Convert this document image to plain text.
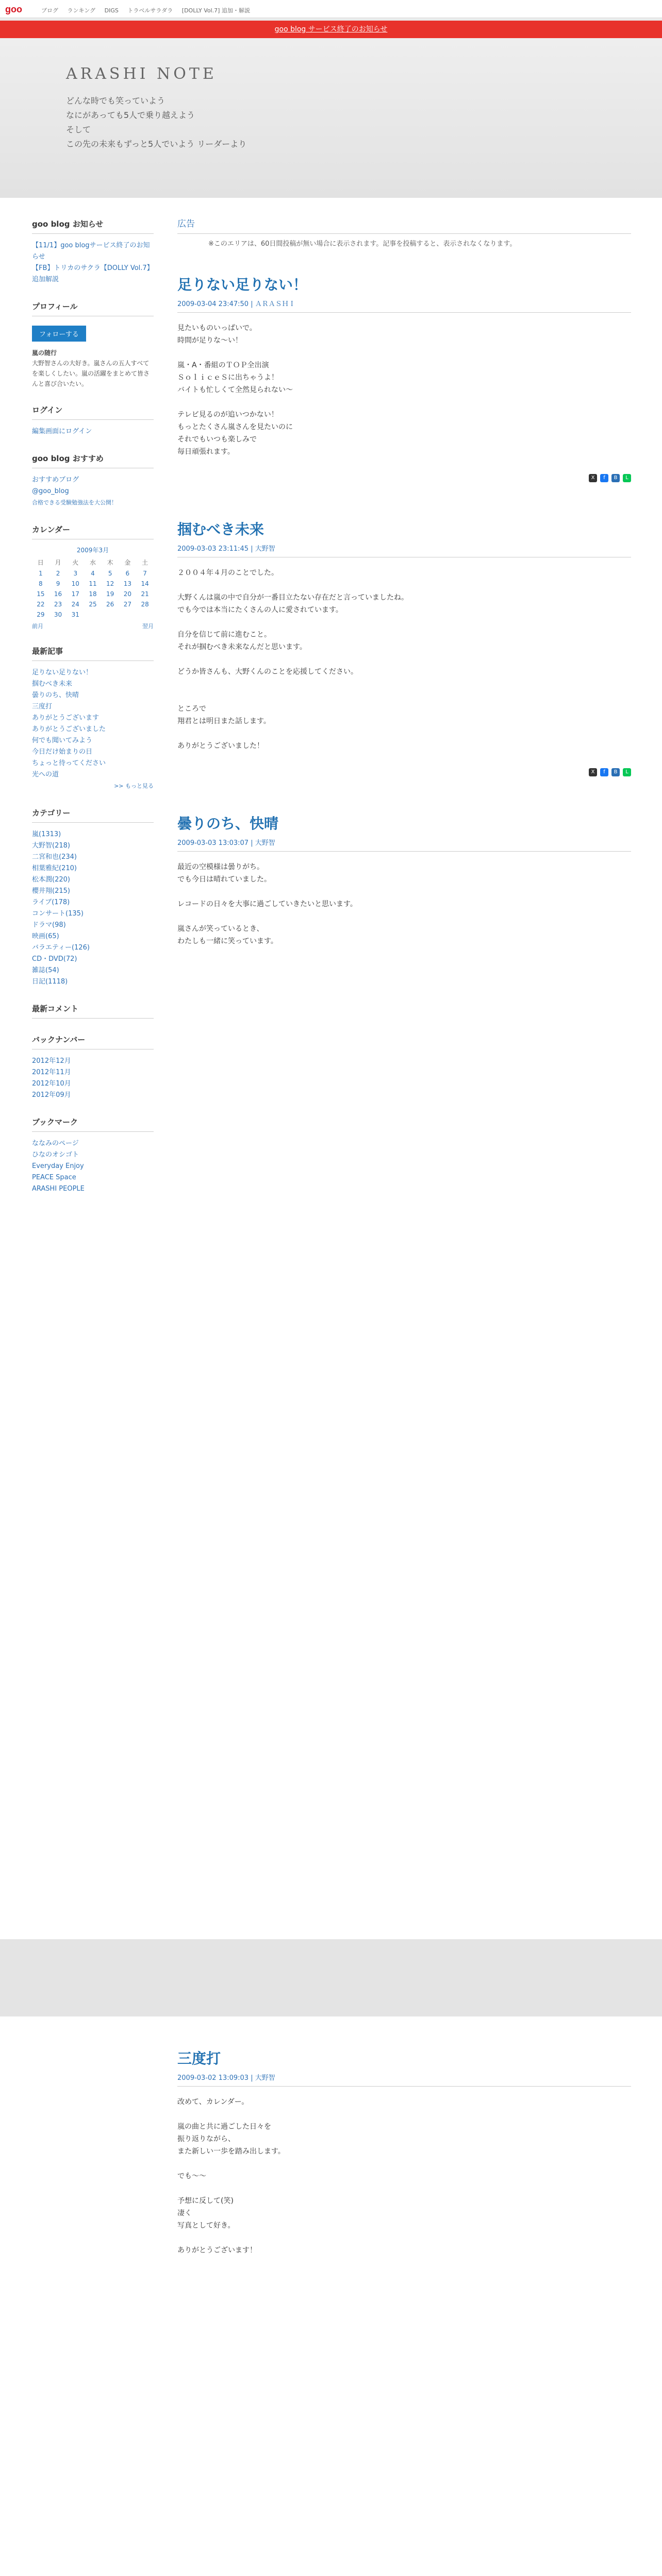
goo	ブログ ランキング DIGS トラベルサラダラ [DOLLY Vol.7] 追加・解説
goo blog サービス終了のお知らせ
ARASHI NOTE
どんな時でも笑っていよう
なにがあっても5人で乗り越えよう
そして
この先の未来もずっと5人でいよう リーダーより
goo blog お知らせ
【11/1】goo blogサービス終了のお知らせ
【FB】トリカのサクラ【DOLLY Vol.7】追加解説
プロフィール
フォローする
嵐の随行
大野智さんの大好き。嵐さんの五人すべてを楽しくしたい。嵐の活躍をまとめて皆さんと喜び合いたい。
ログイン
編集画面にログイン
goo blog おすすめ
おすすめブログ
@goo_blog
合格できる受験勉強法を大公開！
カレンダー
2009年3月
日	月	火	水	木	金	土
1	2	3	4	5	6	7
8	9	10	11	12	13	14
15	16	17	18	19	20	21
22	23	24	25	26	27	28
29	30	31				
前月	翌月
最新記事
足りない足りない！
掴むべき未来
曇りのち、快晴
三度打
ありがとうございます
ありがとうございました
何でも聞いてみよう
今日だけ始まりの日
ちょっと待ってください
光への道
>> もっと見る
カテゴリー
嵐(1313)
大野智(218)
二宮和也(234)
相葉雅紀(210)
松本潤(220)
櫻井翔(215)
ライブ(178)
コンサート(135)
ドラマ(98)
映画(65)
バラエティー(126)
CD・DVD(72)
雑誌(54)
日記(1118)
最新コメント
バックナンバー
2012年12月
2012年11月
2012年10月
2012年09月
ブックマーク
ななみのページ
ひなのオシゴト
Everyday Enjoy
PEACE Space
ARASHI PEOPLE
広告
※このエリアは、60日間投稿が無い場合に表示されます。記事を投稿すると、表示されなくなります。
足りない足りない！
2009-03-04 23:47:50 | ＡＲＡＳＨＩ
見たいものいっぱいで。
時間が足りな〜い！

嵐・A・番組のＴＯＰ全出演
ＳｏｌｉｃｅＳに出ちゃうよ！
バイトも忙しくて全然見られない〜

テレビ見るのが追いつかない！
もっとたくさん嵐さんを見たいのに
それでもいつも楽しみで
毎日頑張れます。
X f B L
掴むべき未来
2009-03-03 23:11:45 | 大野智
２００４年４月のことでした。

大野くんは嵐の中で自分が一番目立たない存在だと言っていましたね。
でも今では本当にたくさんの人に愛されています。

自分を信じて前に進むこと。
それが掴むべき未来なんだと思います。

どうか皆さんも、大野くんのことを応援してください。

ところで
翔君とは明日また話します。

ありがとうございました！
X f B L
曇りのち、快晴
2009-03-03 13:03:07 | 大野智
最近の空模様は曇りがち。
でも今日は晴れていました。

レコードの日々を大事に過ごしていきたいと思います。

嵐さんが笑っているとき、
わたしも一緒に笑っています。
三度打
2009-03-02 13:09:03 | 大野智
改めて、カレンダー。

嵐の曲と共に過ごした日々を
振り返りながら、
また新しい一歩を踏み出します。

でも〜〜

予想に反して(笑)
凄く
写真として好き。

ありがとうございます！
